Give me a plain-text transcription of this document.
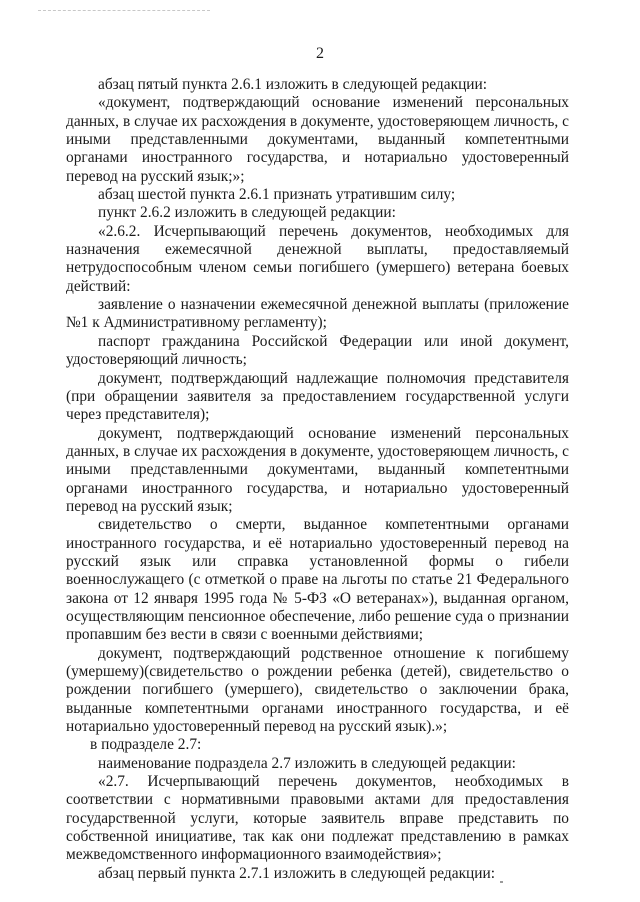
2

абзац пятый пункта 2.6.1 изложить в следующей редакции:

«документ, подтверждающий основание изменений персональных данных, в случае их расхождения в документе, удостоверяющем личность, с иными представленными документами, выданный компетентными органами иностранного государства, и нотариально удостоверенный перевод на русский язык;»;

абзац шестой пункта 2.6.1 признать утратившим силу;

пункт 2.6.2 изложить в следующей редакции:

«2.6.2. Исчерпывающий перечень документов, необходимых для назначения ежемесячной денежной выплаты, предоставляемый нетрудоспособным членом семьи погибшего (умершего) ветерана боевых действий:

заявление о назначении ежемесячной денежной выплаты (приложение №1 к Административному регламенту);

паспорт гражданина Российской Федерации или иной документ, удостоверяющий личность;

документ, подтверждающий надлежащие полномочия представителя (при обращении заявителя за предоставлением государственной услуги через представителя);

документ, подтверждающий основание изменений персональных данных, в случае их расхождения в документе, удостоверяющем личность, с иными представленными документами, выданный компетентными органами иностранного государства, и нотариально удостоверенный перевод на русский язык;

свидетельство о смерти, выданное компетентными органами иностранного государства, и её нотариально удостоверенный перевод на русский язык или справка установленной формы о гибели военнослужащего (с отметкой о праве на льготы по статье 21 Федерального закона от 12 января 1995 года № 5-ФЗ «О ветеранах»), выданная органом, осуществляющим пенсионное обеспечение, либо решение суда о признании пропавшим без вести в связи с военными действиями;

документ, подтверждающий родственное отношение к погибшему (умершему)(свидетельство о рождении ребенка (детей), свидетельство о рождении погибшего (умершего), свидетельство о заключении брака, выданные компетентными органами иностранного государства, и её нотариально удостоверенный перевод на русский язык).»;

в подразделе 2.7:

наименование подраздела 2.7 изложить в следующей редакции:

«2.7. Исчерпывающий перечень документов, необходимых в соответствии с нормативными правовыми актами для предоставления государственной услуги, которые заявитель вправе представить по собственной инициативе, так как они подлежат представлению в рамках межведомственного информационного взаимодействия»;

абзац первый пункта 2.7.1 изложить в следующей редакции:
